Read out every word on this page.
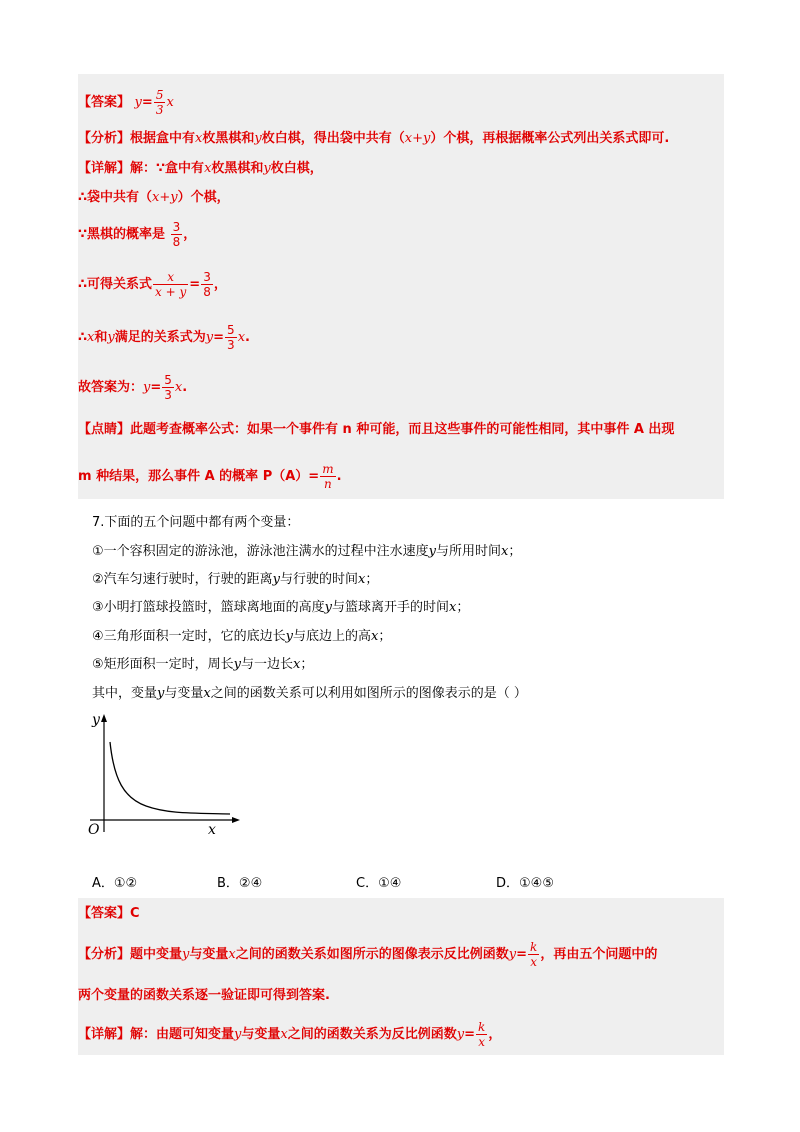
【答案】 $y= \frac{5}{3}$ x
【分析】根据盒中有x枚黑棋和y枚白棋，得出袋中共有（x+y）个棋，再根据概率公式列出关系式即可.
【详解】解：∵盒中有x枚黑棋和y枚白棋，
∴袋中共有（x+y）个棋，
∵黑棋的概率是 $\frac{3}{8}$ ，
∴可得关系式 $\frac{x}{x + y} = \frac{3}{8}$ ，
∴x和y满足的关系式为$y= \frac{5}{3} x$.
故答案为：$y= \frac{5}{3} x$.
【点睛】此题考查概率公式：如果一个事件有 n 种可能，而且这些事件的可能性相同，其中事件 A 出现
m 种结果，那么事件 A 的概率 $P(A)= \frac{m}{n}$ .
7.下面的五个问题中都有两个变量：
①一个容积固定的游泳池，游泳池注满水的过程中注水速度y与所用时间x；
②汽车匀速行驶时，行驶的距离y与行驶的时间x；
③小明打篮球投篮时，篮球离地面的高度y与篮球离开手的时间x；
④三角形面积一定时，它的底边长y与底边上的高x；
⑤矩形面积一定时，周长y与一边长x；
其中，变量y与变量x之间的函数关系可以利用如图所示的图像表示的是（ ）
y
x
O
A．①②	B．②④	C．①④	D．①④⑤
【答案】C
【分析】题中变量y与变量x之间的函数关系如图所示的图像表示反比例函数$y= \frac{k}{x}$ ，再由五个问题中的
两个变量的函数关系逐一验证即可得到答案.
【详解】解：由题可知变量y与变量x之间的函数关系为反比例函数$y= \frac{k}{x}$ ，
